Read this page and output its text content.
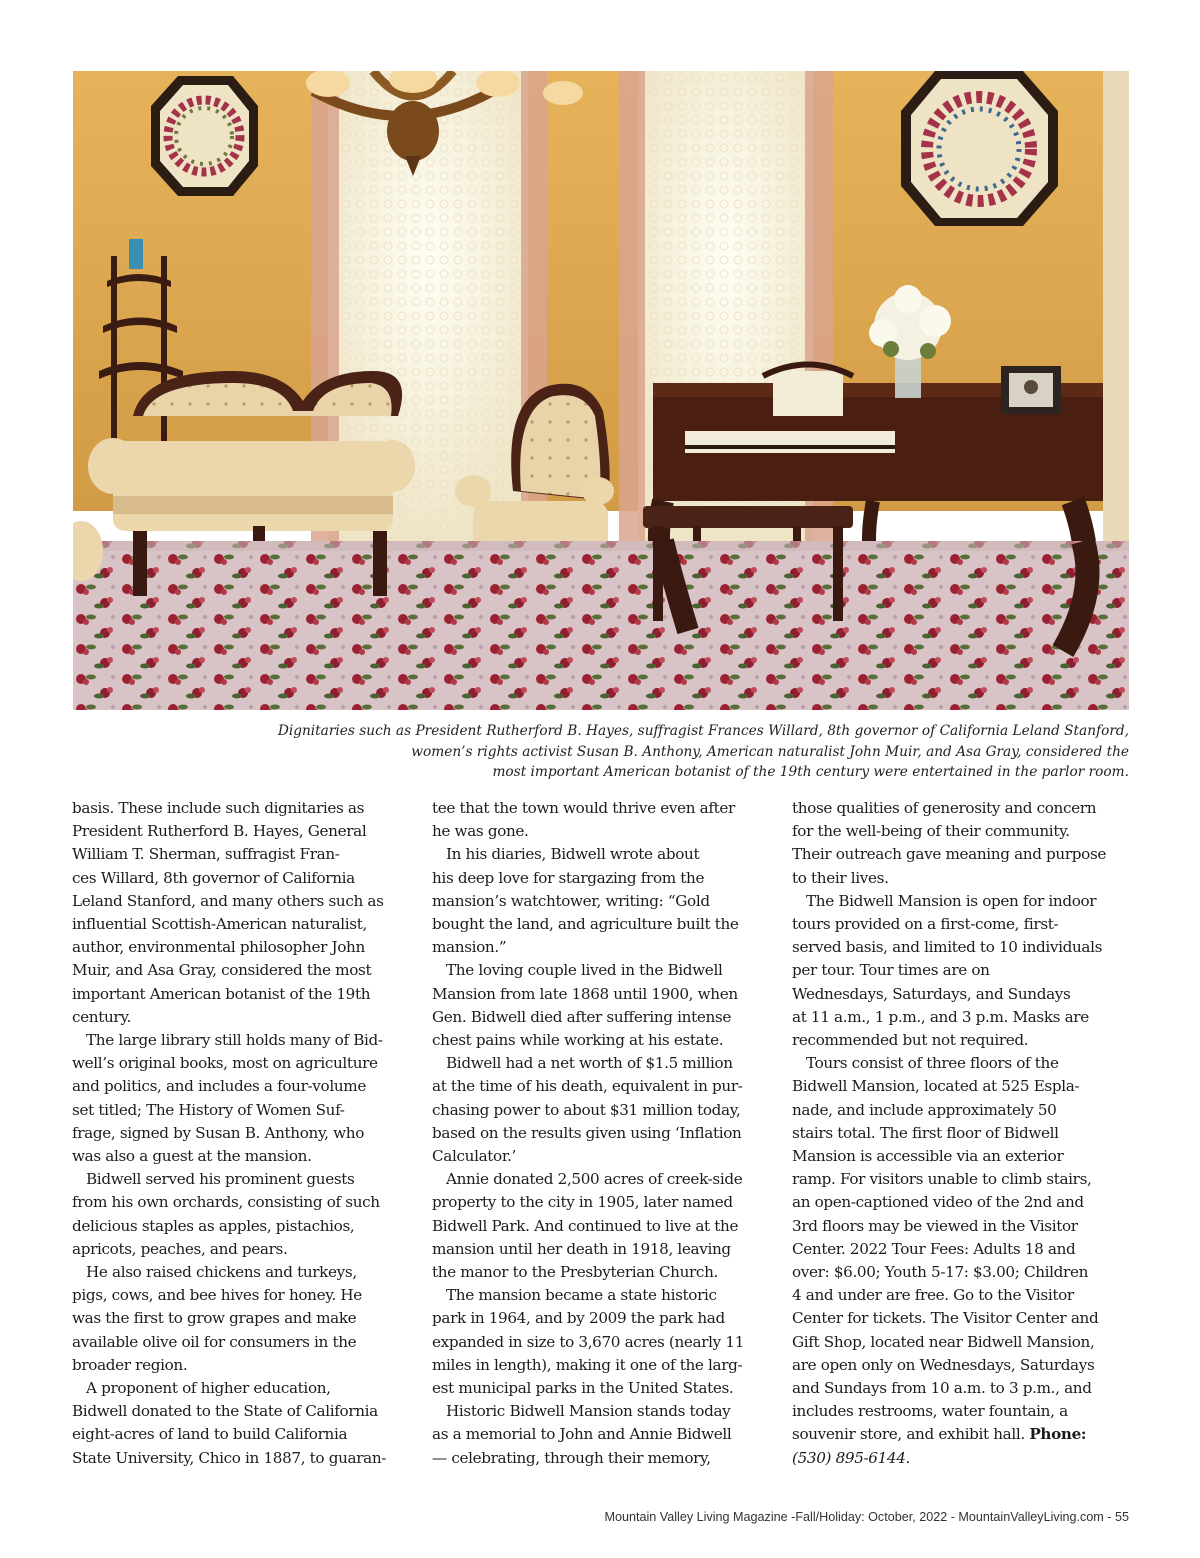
Dignitaries such as President Rutherford B. Hayes, suffragist Frances Willard, 8th governor of California Leland Stanford,
women’s rights activist Susan B. Anthony, American naturalist John Muir, and Asa Gray, considered the
most important American botanist of the 19th century were entertained in the parlor room.
basis. These include such dignitaries as
President Rutherford B. Hayes, General
William T. Sherman, suffragist Fran-
ces Willard, 8th governor of California
Leland Stanford, and many others such as
influential Scottish-American naturalist,
author, environmental philosopher John
Muir, and Asa Gray, considered the most
important American botanist of the 19th
century.
The large library still holds many of Bid-
well’s original books, most on agriculture
and politics, and includes a four-volume
set titled; The History of Women Suf-
frage, signed by Susan B. Anthony, who
was also a guest at the mansion.
Bidwell served his prominent guests
from his own orchards, consisting of such
delicious staples as apples, pistachios,
apricots, peaches, and pears.
He also raised chickens and turkeys,
pigs, cows, and bee hives for honey. He
was the first to grow grapes and make
available olive oil for consumers in the
broader region.
A proponent of higher education,
Bidwell donated to the State of California
eight-acres of land to build California
State University, Chico in 1887, to guaran-
tee that the town would thrive even after
he was gone.
In his diaries, Bidwell wrote about
his deep love for stargazing from the
mansion’s watchtower, writing: “Gold
bought the land, and agriculture built the
mansion.”
The loving couple lived in the Bidwell
Mansion from late 1868 until 1900, when
Gen. Bidwell died after suffering intense
chest pains while working at his estate.
Bidwell had a net worth of $1.5 million
at the time of his death, equivalent in pur-
chasing power to about $31 million today,
based on the results given using ‘Inflation
Calculator.’
Annie donated 2,500 acres of creek-side
property to the city in 1905, later named
Bidwell Park. And continued to live at the
mansion until her death in 1918, leaving
the manor to the Presbyterian Church.
The mansion became a state historic
park in 1964, and by 2009 the park had
expanded in size to 3,670 acres (nearly 11
miles in length), making it one of the larg-
est municipal parks in the United States.
Historic Bidwell Mansion stands today
as a memorial to John and Annie Bidwell
— celebrating, through their memory,
those qualities of generosity and concern
for the well-being of their community.
Their outreach gave meaning and purpose
to their lives.
The Bidwell Mansion is open for indoor
tours provided on a first-come, first-
served basis, and limited to 10 individuals
per tour. Tour times are on
Wednesdays, Saturdays, and Sundays
at 11 a.m., 1 p.m., and 3 p.m. Masks are
recommended but not required.
Tours consist of three floors of the
Bidwell Mansion, located at 525 Espla-
nade, and include approximately 50
stairs total. The first floor of Bidwell
Mansion is accessible via an exterior
ramp. For visitors unable to climb stairs,
an open-captioned video of the 2nd and
3rd floors may be viewed in the Visitor
Center. 2022 Tour Fees: Adults 18 and
over: $6.00; Youth 5-17: $3.00; Children
4 and under are free. Go to the Visitor
Center for tickets. The Visitor Center and
Gift Shop, located near Bidwell Mansion,
are open only on Wednesdays, Saturdays
and Sundays from 10 a.m. to 3 p.m., and
includes restrooms, water fountain, a
souvenir store, and exhibit hall. Phone:
(530) 895-6144.
Mountain Valley Living Magazine -Fall/Holiday: October, 2022 - MountainValleyLiving.com - 55
